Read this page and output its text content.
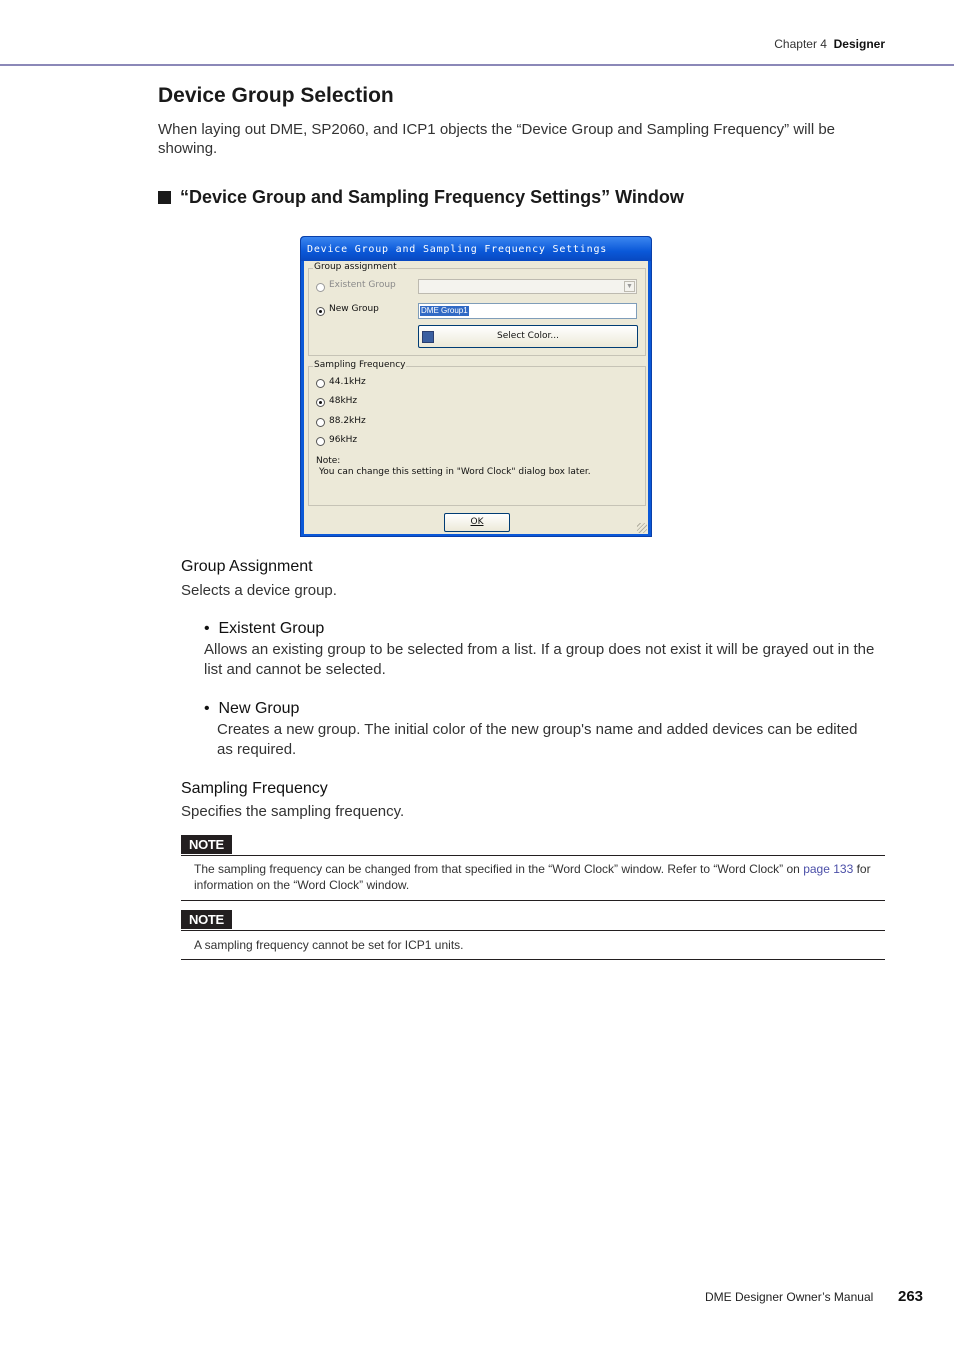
Chapter 4 Designer
Device Group Selection
When laying out DME, SP2060, and ICP1 objects the “Device Group and Sampling Frequency” will be showing.
“Device Group and Sampling Frequency Settings” Window
Device Group and Sampling Frequency Settings
Group assignment
Existent Group	▼
New Group	DME Group1
Select Color...
Sampling Frequency
44.1kHz
48kHz
88.2kHz
96kHz
Note:
You can change this setting in "Word Clock" dialog box later.
OK
Group Assignment
Selects a device group.
•  Existent Group
Allows an existing group to be selected from a list. If a group does not exist it will be grayed out in the list and cannot be selected.
•  New Group
Creates a new group. The initial color of the new group's name and added devices can be edited as required.
Sampling Frequency
Specifies the sampling frequency.
NOTE
The sampling frequency can be changed from that specified in the “Word Clock” window. Refer to “Word Clock” on page 133 for information on the “Word Clock” window.
NOTE
A sampling frequency cannot be set for ICP1 units.
DME Designer Owner’s Manual 263
